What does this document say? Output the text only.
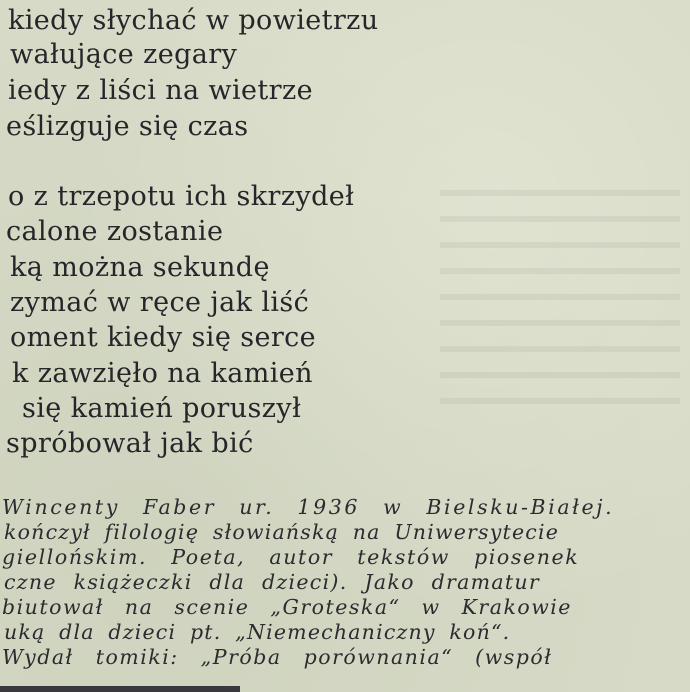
kiedy słychać w powietrzu
wałujące zegary
iedy z liści na wietrze
eślizguje się czas
o z trzepotu ich skrzydeł
calone zostanie
ką można sekundę
zymać w ręce jak liść
oment kiedy się serce
k zawzięło na kamień
się kamień poruszył
spróbował jak bić
Wincenty Faber ur. 1936 w Bielsku-Białej.
kończył filologię słowiańską na Uniwersytecie
giellońskim. Poeta, autor tekstów piosenek
czne książeczki dla dzieci). Jako dramatur
biutował na scenie „Groteska“ w Krakowie
uką dla dzieci pt. „Niemechaniczny koń“.
Wydał tomiki: „Próba porównania“ (współ
